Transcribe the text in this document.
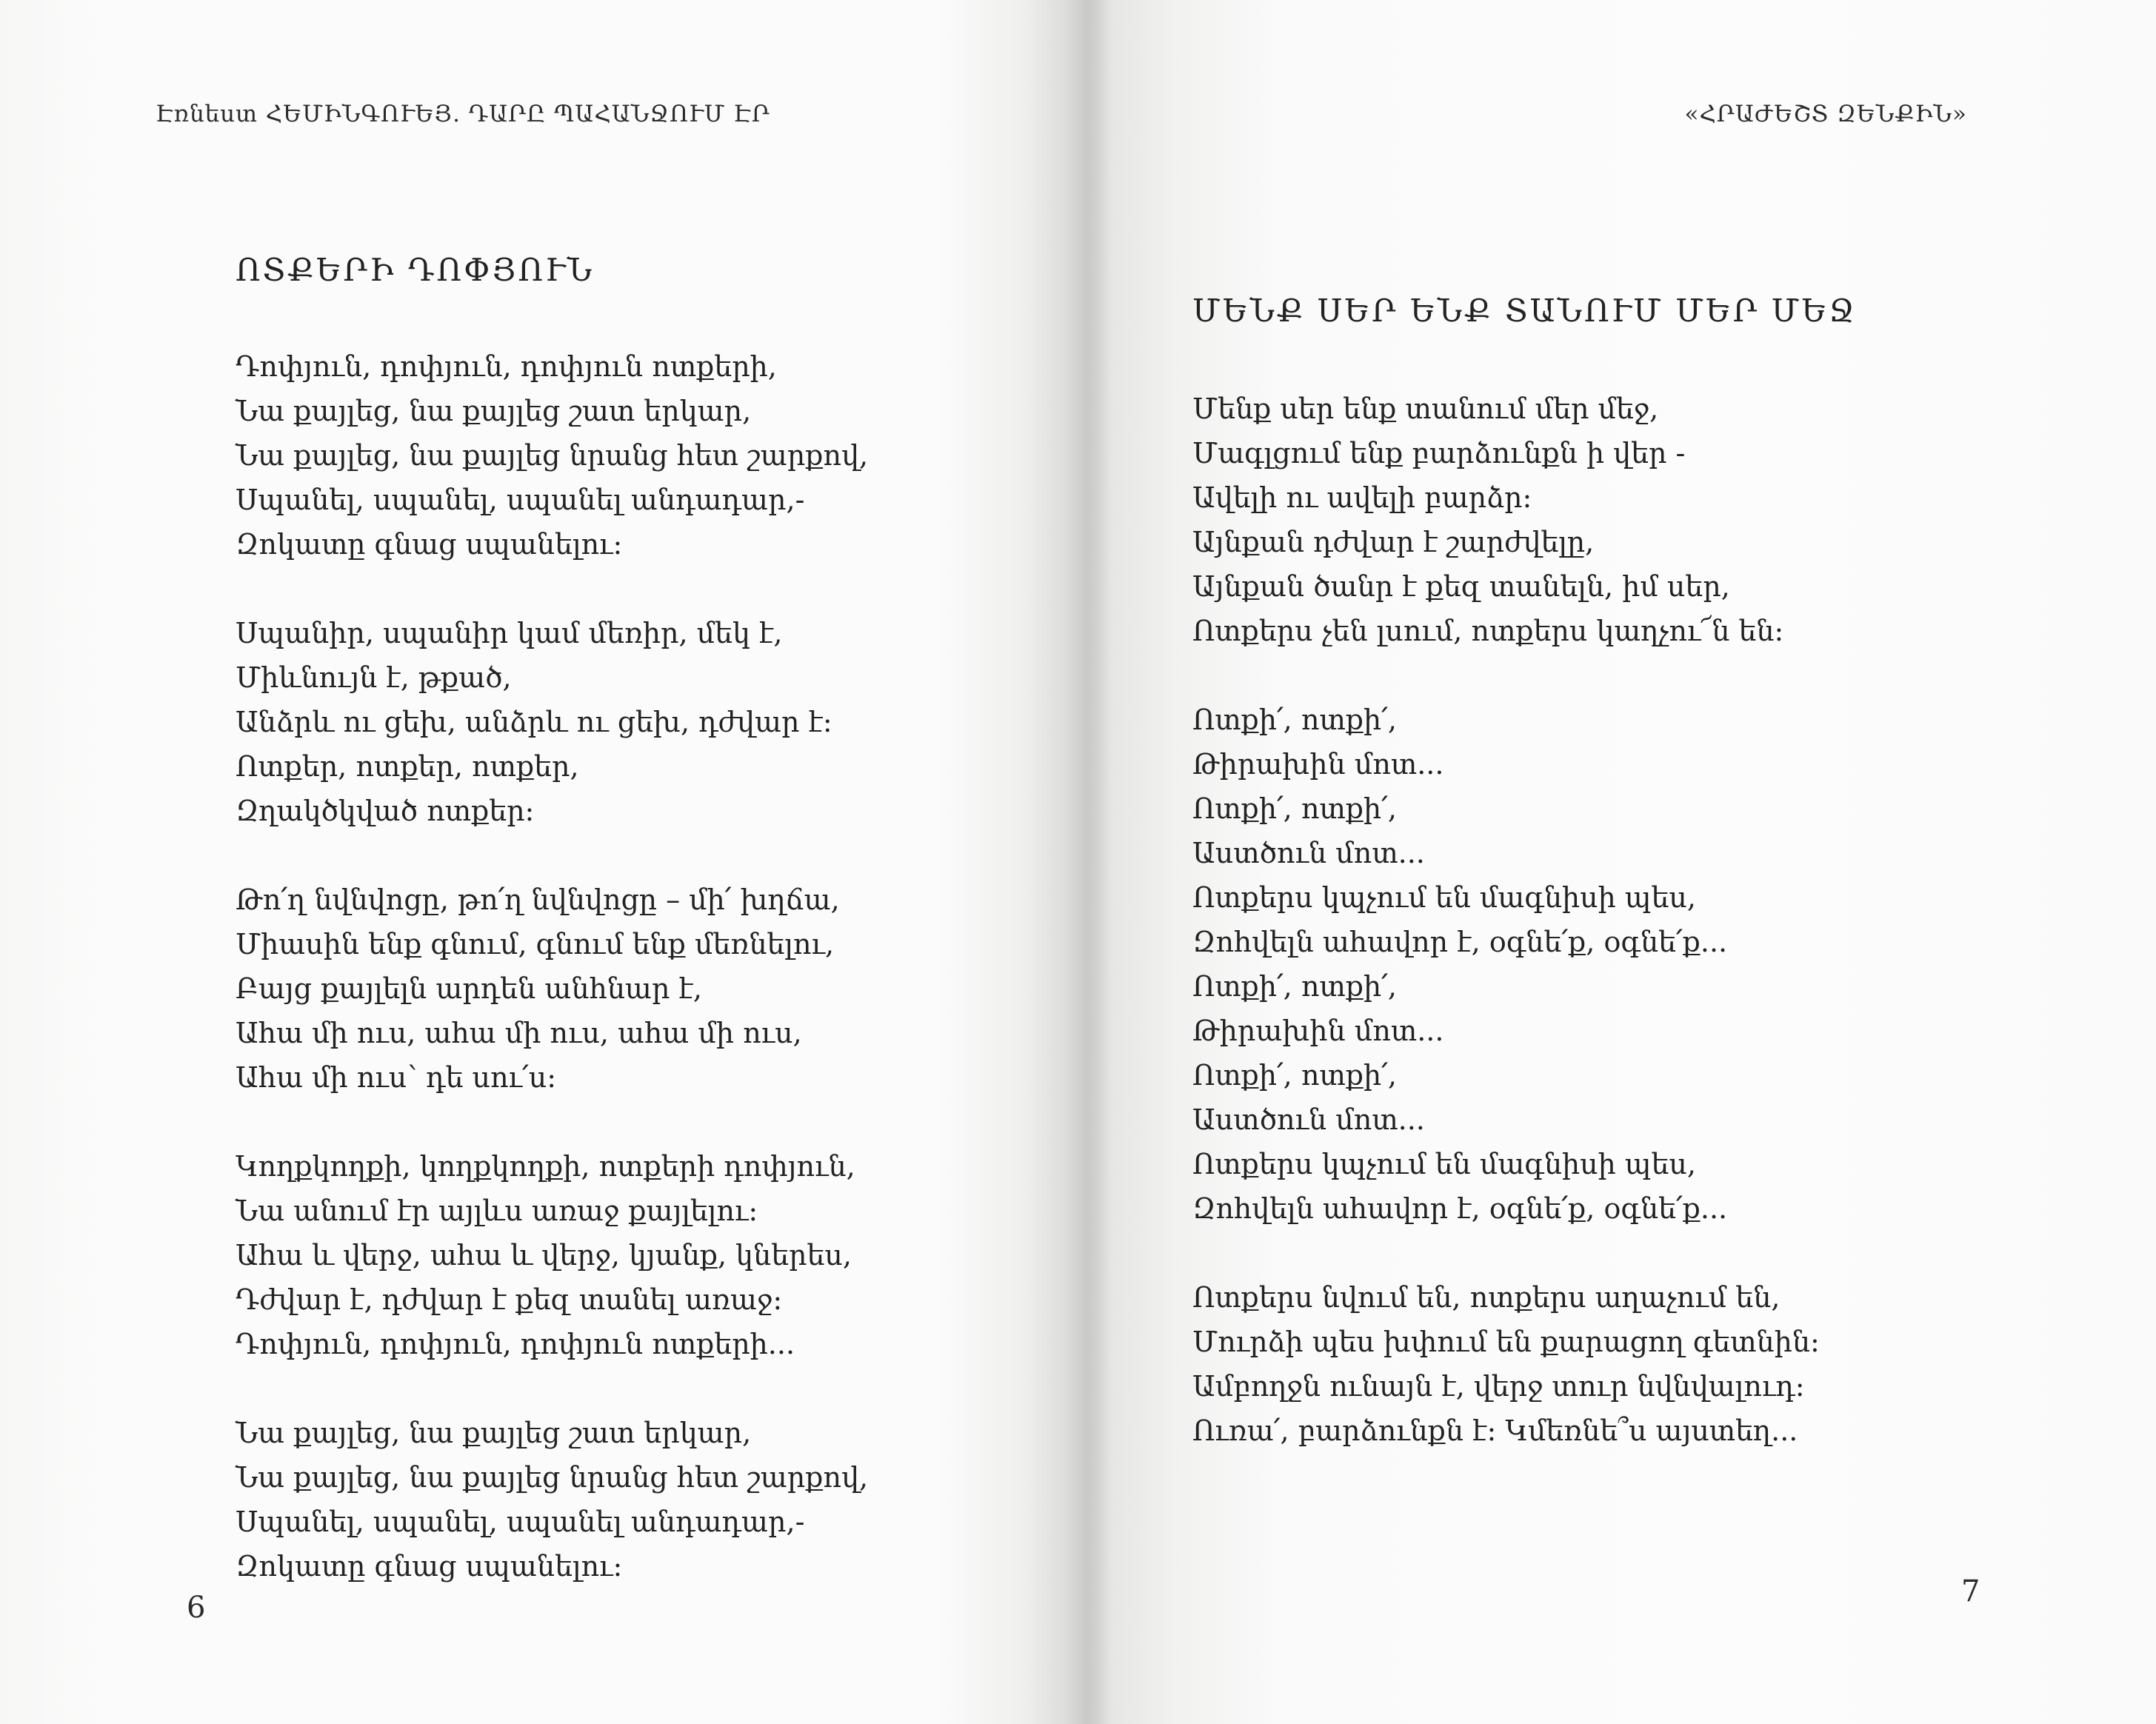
Էռնեստ ՀԵՄԻՆԳՈՒԵՅ. ԴԱՐԸ ՊԱՀԱՆՋՈՒՄ ԷՐ
ՈՏՔԵՐԻ ԴՈՓՅՈՒՆ
Դոփյուն, դոփյուն, դոփյուն ոտքերի,
Նա քայլեց, նա քայլեց շատ երկար,
Նա քայլեց, նա քայլեց նրանց հետ շարքով,
Սպանել, սպանել, սպանել անդադար,-
Զոկատը գնաց սպանելու:
Սպանիր, սպանիր կամ մեռիր, մեկ է,
Միևնույն է, թքած,
Անձրև ու ցեխ, անձրև ու ցեխ, դժվար է:
Ոտքեր, ոտքեր, ոտքեր,
Զղակծկված ոտքեր:
Թո՛ղ նվնվոցը, թո՛ղ նվնվոցը – մի՛ խղճա,
Միասին ենք գնում, գնում ենք մեռնելու,
Բայց քայլելն արդեն անհնար է,
Ահա մի ուս, ահա մի ուս, ահա մի ուս,
Ահա մի ուս՝ դե սու՛ս:
Կողքկողքի, կողքկողքի, ոտքերի դոփյուն,
Նա անում էր այլևս առաջ քայլելու:
Ահա և վերջ, ահա և վերջ, կյանք, կներես,
Դժվար է, դժվար է քեզ տանել առաջ:
Դոփյուն, դոփյուն, դոփյուն ոտքերի...
Նա քայլեց, նա քայլեց շատ երկար,
Նա քայլեց, նա քայլեց նրանց հետ շարքով,
Սպանել, սպանել, սպանել անդադար,-
Զոկատը գնաց սպանելու:
6
«ՀՐԱԺԵՇՏ ԶԵՆՔԻՆ»
ՄԵՆՔ ՍԵՐ ԵՆՔ ՏԱՆՈՒՄ ՄԵՐ ՄԵՋ
Մենք սեր ենք տանում մեր մեջ,
Մագլցում ենք բարձունքն ի վեր -
Ավելի ու ավելի բարձր:
Այնքան դժվար է շարժվելը,
Այնքան ծանր է քեզ տանելն, իմ սեր,
Ոտքերս չեն լսում, ոտքերս կաղչու՜ն են:
Ոտքի՛, ոտքի՛,
Թիրախին մոտ...
Ոտքի՛, ոտքի՛,
Աստծուն մոտ...
Ոտքերս կպչում են մագնիսի պես,
Զոհվելն ահավոր է, օգնե՛ք, օգնե՛ք...
Ոտքի՛, ոտքի՛,
Թիրախին մոտ...
Ոտքի՛, ոտքի՛,
Աստծուն մոտ...
Ոտքերս կպչում են մագնիսի պես,
Զոհվելն ահավոր է, օգնե՛ք, օգնե՛ք...
Ոտքերս նվում են, ոտքերս աղաչում են,
Մուրձի պես խփում են քարացող գետնին:
Ամբողջն ունայն է, վերջ տուր նվնվալուդ:
Ուռա՛, բարձունքն է: Կմեռնե՞ս այստեղ...
7
